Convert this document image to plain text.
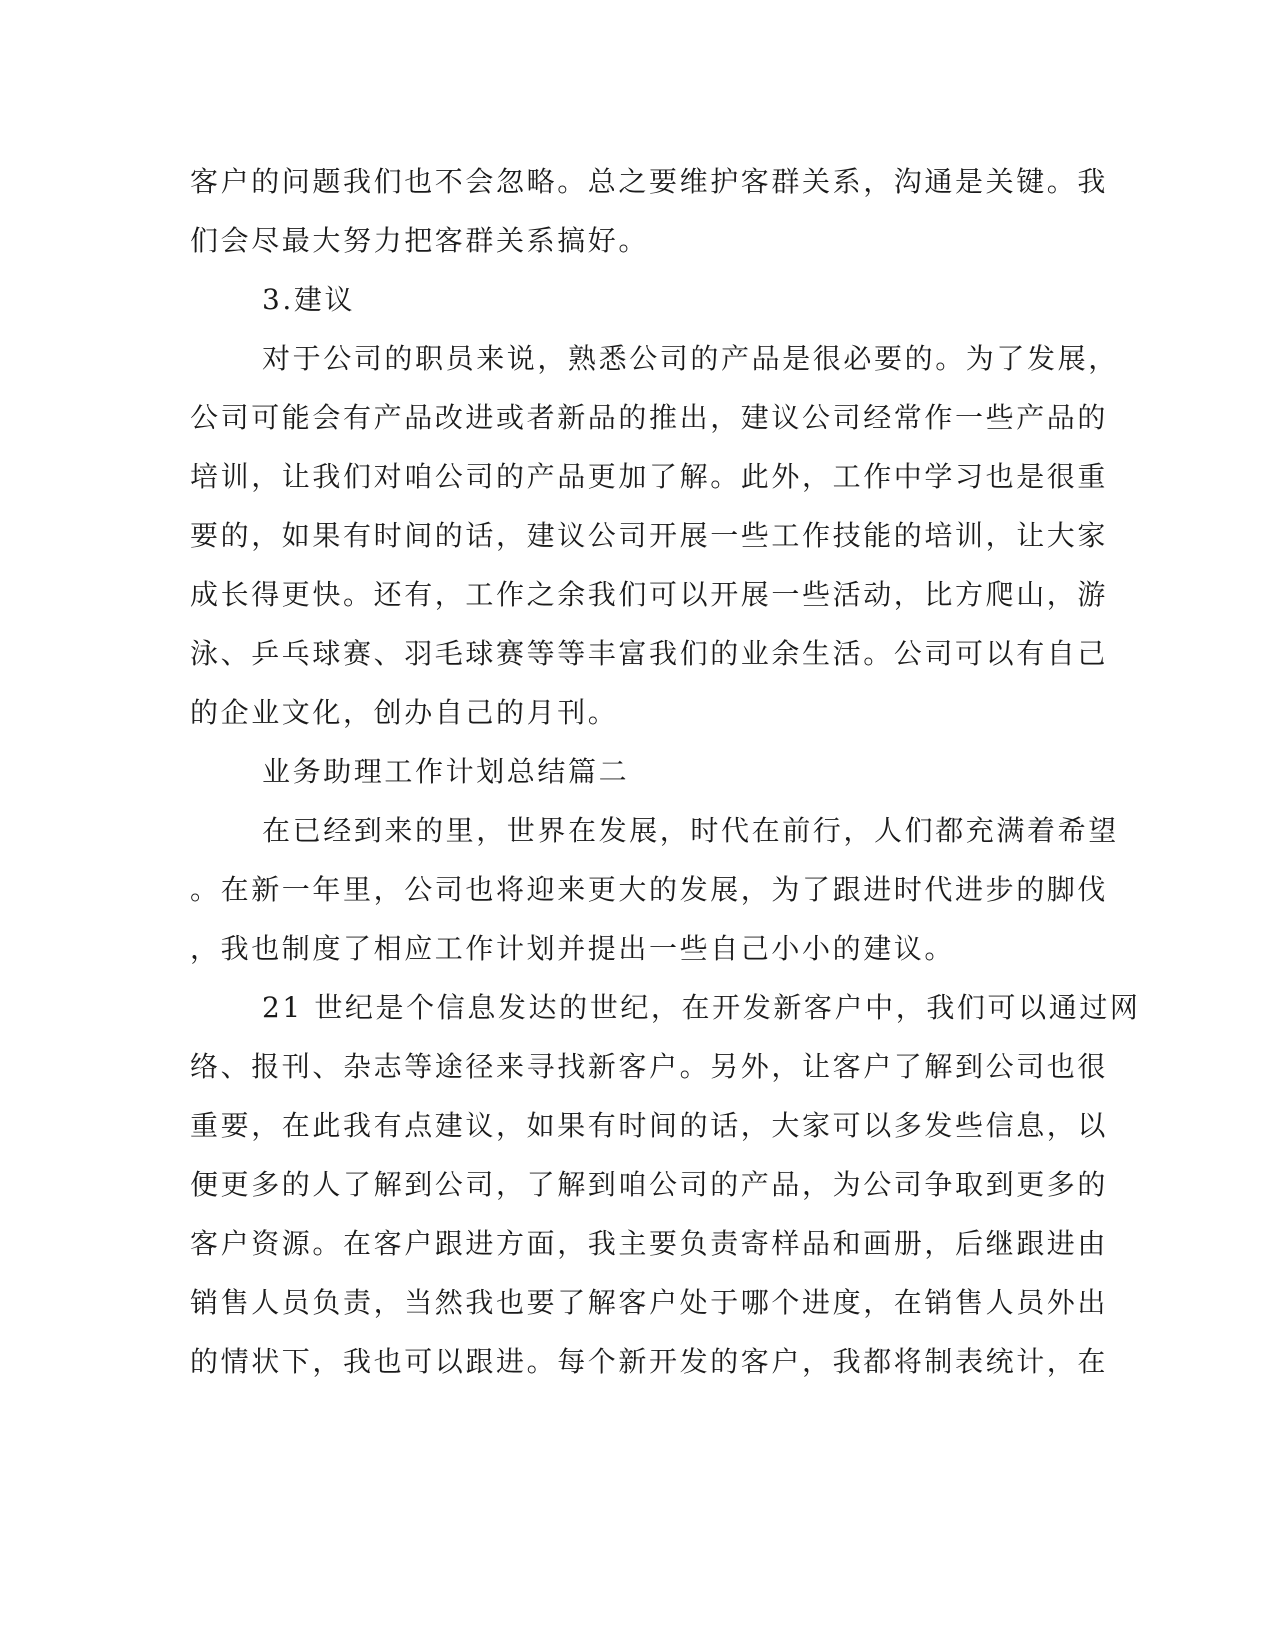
客户的问题我们也不会忽略。总之要维护客群关系，沟通是关键。我
们会尽最大努力把客群关系搞好。
3.建议
对于公司的职员来说，熟悉公司的产品是很必要的。为了发展，
公司可能会有产品改进或者新品的推出，建议公司经常作一些产品的
培训，让我们对咱公司的产品更加了解。此外，工作中学习也是很重
要的，如果有时间的话，建议公司开展一些工作技能的培训，让大家
成长得更快。还有，工作之余我们可以开展一些活动，比方爬山，游
泳、乒乓球赛、羽毛球赛等等丰富我们的业余生活。公司可以有自己
的企业文化，创办自己的月刊。
业务助理工作计划总结篇二
在已经到来的里，世界在发展，时代在前行，人们都充满着希望
。在新一年里，公司也将迎来更大的发展，为了跟进时代进步的脚伐
，我也制度了相应工作计划并提出一些自己小小的建议。
21 世纪是个信息发达的世纪，在开发新客户中，我们可以通过网
络、报刊、杂志等途径来寻找新客户。另外，让客户了解到公司也很
重要，在此我有点建议，如果有时间的话，大家可以多发些信息，以
便更多的人了解到公司，了解到咱公司的产品，为公司争取到更多的
客户资源。在客户跟进方面，我主要负责寄样品和画册，后继跟进由
销售人员负责，当然我也要了解客户处于哪个进度，在销售人员外出
的情状下，我也可以跟进。每个新开发的客户，我都将制表统计，在
